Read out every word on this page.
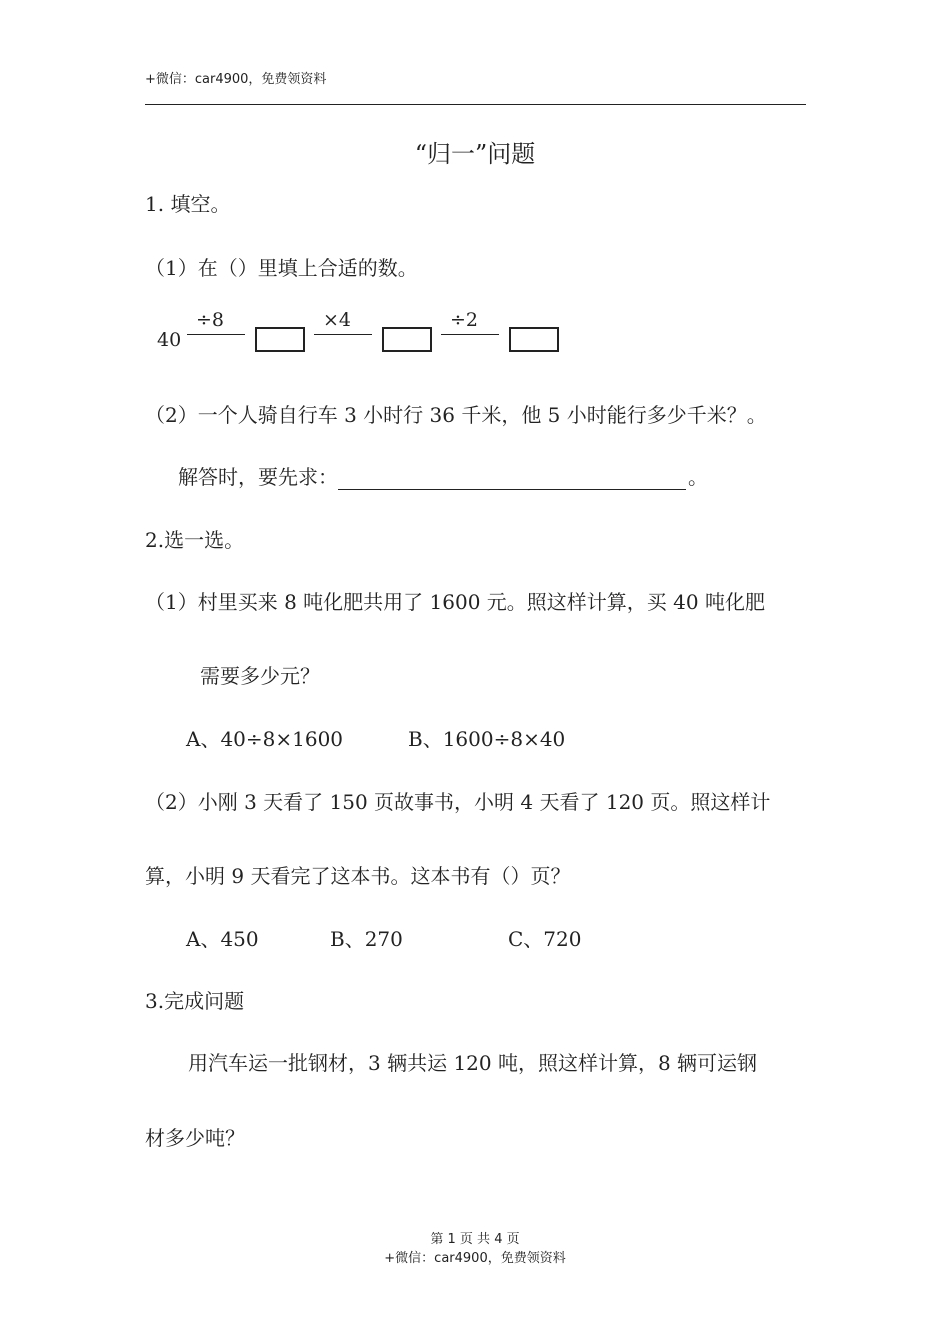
+微信：car4900，免费领资料
“归一”问题
1. 填空。
（1）在（）里填上合适的数。
40
÷8	×4	÷2
（2）一个人骑自行车 3 小时行 36 千米，他 5 小时能行多少千米？。
解答时，要先求：	。
2.选一选。
（1）村里买来 8 吨化肥共用了 1600 元。照这样计算，买 40 吨化肥
需要多少元？
A、40÷8×1600	B、1600÷8×40
（2）小刚 3 天看了 150 页故事书，小明 4 天看了 120 页。照这样计
算，小明 9 天看完了这本书。这本书有（）页？
A、450	B、270	C、720
3.完成问题
用汽车运一批钢材，3 辆共运 120 吨，照这样计算，8 辆可运钢
材多少吨？
第 1 页 共 4 页
+微信：car4900，免费领资料
